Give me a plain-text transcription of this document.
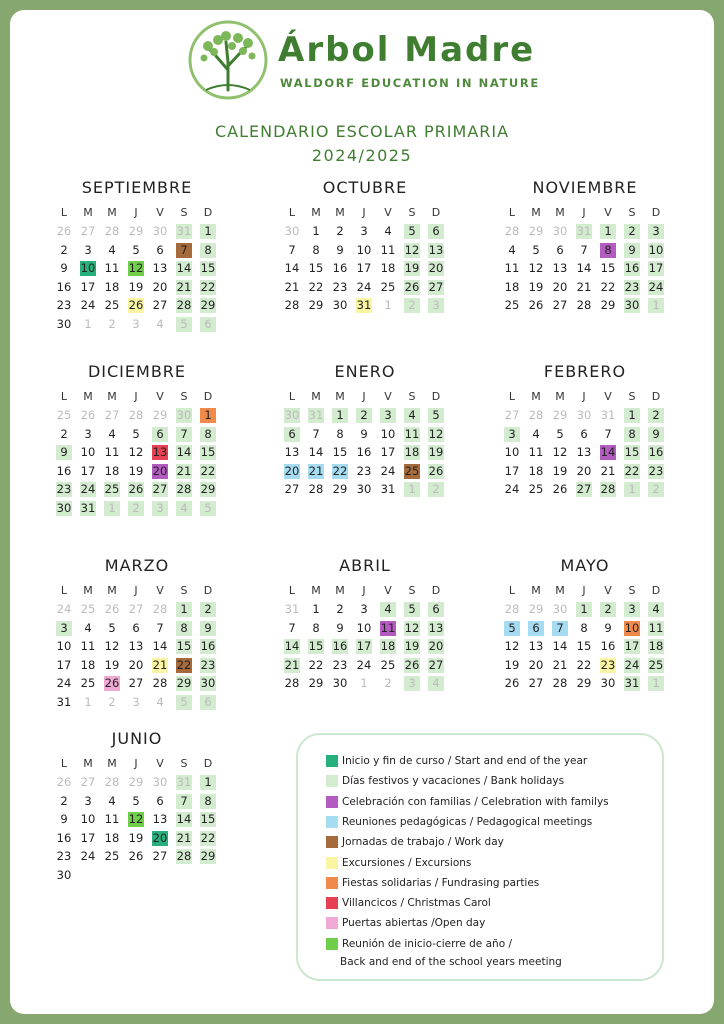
Árbol Madre
WALDORF EDUCATION IN NATURE
CALENDARIO ESCOLAR PRIMARIA
2024/2025
SEPTIEMBRE
L	M	M	J	V	S	D
26 27 28 29 30 31	1
2	3	4	5	6	7	8
9	10 11 12 13 14 15
16 17 18 19 20 21 22
23 24 25 26 27 28 29
30	1	2	3	4	5	6
OCTUBRE
L	M	M	J	V	S	D
30	1	2	3	4	5	6
7	8	9	10 11 12 13
14 15 16 17 18 19 20
21 22 23 24 25 26 27
28 29 30 31	1	2	3
NOVIEMBRE
L	M	M	J	V	S	D
28 29 30 31	1	2	3
4	5	6	7	8	9	10
11 12 13 14 15 16 17
18 19 20 21 22 23 24
25 26 27 28 29 30	1
DICIEMBRE
L	M	M	J	V	S	D
25 26 27 28 29 30	1
2	3	4	5	6	7	8
9	10 11 12 13 14 15
16 17 18 19 20 21 22
23 24 25 26 27 28 29
30 31	1	2	3	4	5
ENERO
L	M	M	J	V	S	D
30 31	1	2	3	4	5
6	7	8	9	10 11 12
13 14 15 16 17 18 19
20 21 22 23 24 25 26
27 28 29 30 31	1	2
FEBRERO
L	M	M	J	V	S	D
27 28 29 30 31	1	2
3	4	5	6	7	8	9
10 11 12 13 14 15 16
17 18 19 20 21 22 23
24 25 26 27 28	1	2
MARZO
L	M	M	J	V	S	D
24 25 26 27 28	1	2
3	4	5	6	7	8	9
10 11 12 13 14 15 16
17 18 19 20 21 22 23
24 25 26 27 28 29 30
31	1	2	3	4	5	6
ABRIL
L	M	M	J	V	S	D
31	1	2	3	4	5	6
7	8	9	10 11 12 13
14 15 16 17 18 19 20
21 22 23 24 25 26 27
28 29 30	1	2	3	4
MAYO
L	M	M	J	V	S	D
28 29 30	1	2	3	4
5	6	7	8	9	10 11
12 13 14 15 16 17 18
19 20 21 22 23 24 25
26 27 28 29 30 31	1
JUNIO
L	M	M	J	V	S	D
26 27 28 29 30 31	1
2	3	4	5	6	7	8
9	10 11 12 13 14 15
16 17 18 19 20 21 22
23 24 25 26 27 28 29
30
Inicio y fin de curso / Start and end of the year
Días festivos y vacaciones / Bank holidays
Celebración con familias / Celebration with familys
Reuniones pedagógicas / Pedagogical meetings
Jornadas de trabajo / Work day
Excursiones / Excursions
Fiestas solidarias / Fundrasing parties
Villancicos / Christmas Carol
Puertas abiertas /Open day
Reunión de inicio-cierre de año /
Back and end of the school years meeting
